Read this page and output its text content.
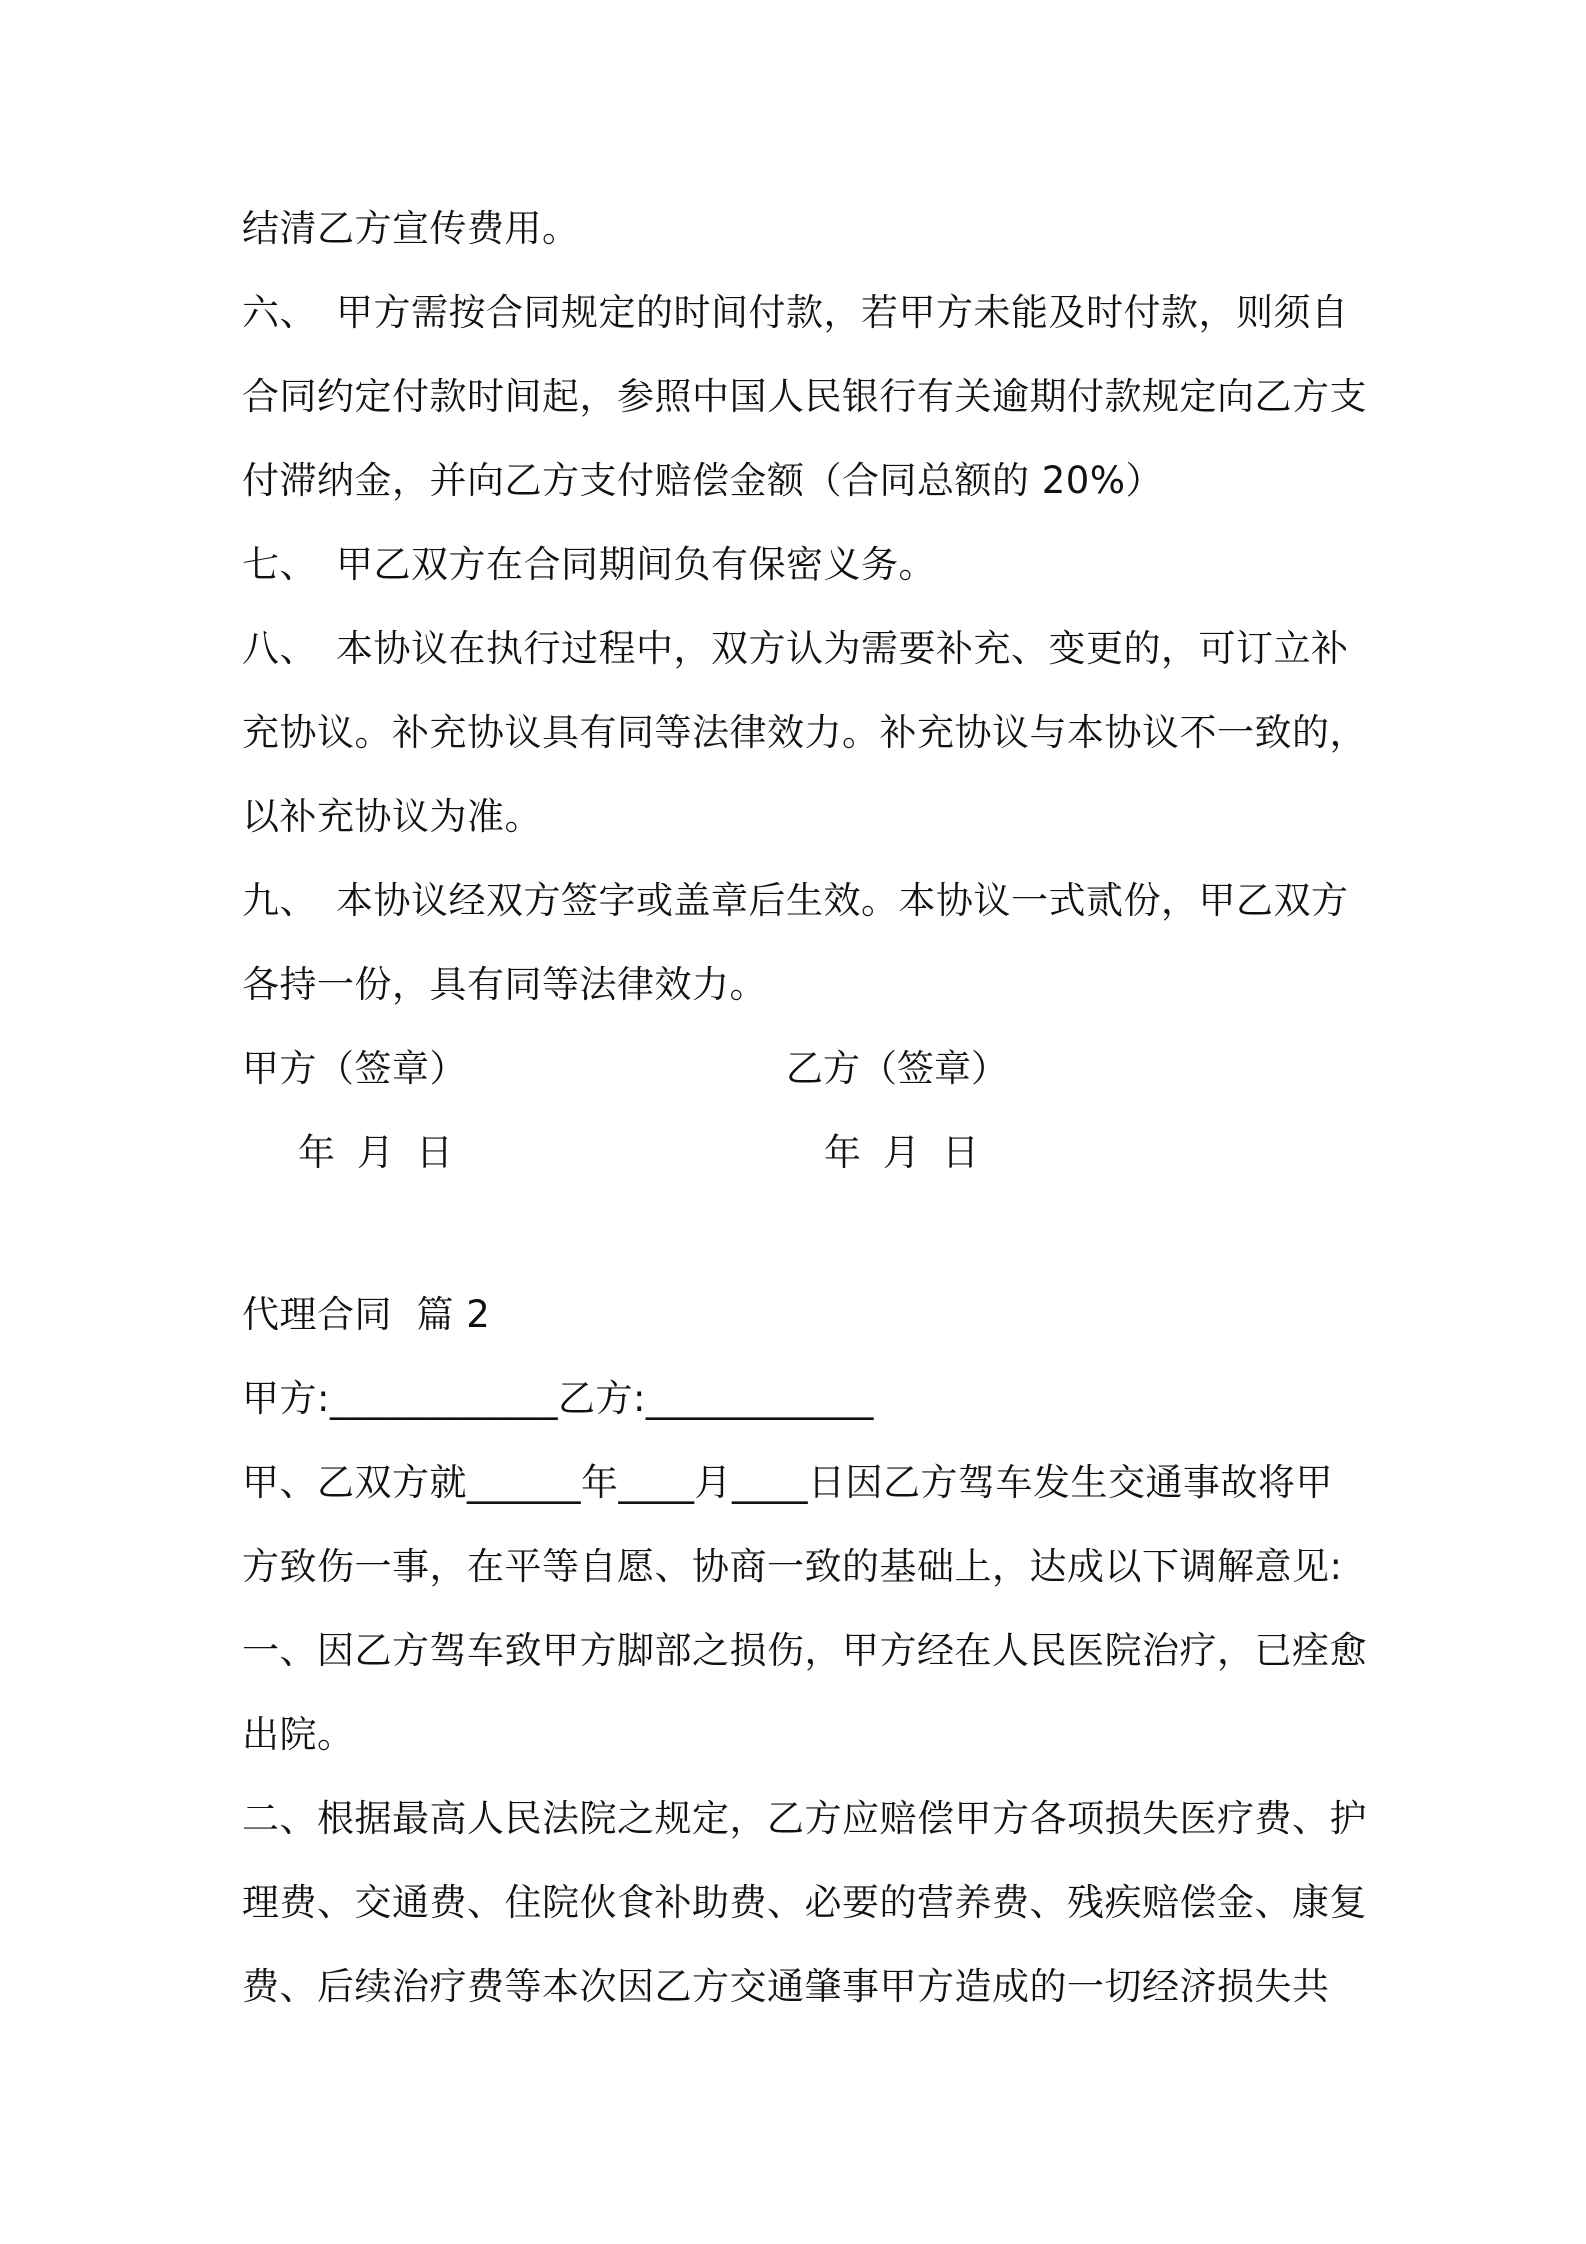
结清乙方宣传费用。
六、 甲方需按合同规定的时间付款，若甲方未能及时付款，则须自
合同约定付款时间起，参照中国人民银行有关逾期付款规定向乙方支
付滞纳金，并向乙方支付赔偿金额（合同总额的 20%）
七、 甲乙双方在合同期间负有保密义务。
八、 本协议在执行过程中，双方认为需要补充、变更的，可订立补
充协议。补充协议具有同等法律效力。补充协议与本协议不一致的，
以补充协议为准。
九、 本协议经双方签字或盖章后生效。本协议一式贰份，甲乙双方
各持一份，具有同等法律效力。
甲方（签章）	乙方（签章）
年 月 日	年 月 日
代理合同  篇 2
甲方:____________乙方:____________
甲、乙双方就______年____月____日因乙方驾车发生交通事故将甲
方致伤一事，在平等自愿、协商一致的基础上，达成以下调解意见:
一、因乙方驾车致甲方脚部之损伤，甲方经在人民医院治疗，已痊愈
出院。
二、根据最高人民法院之规定，乙方应赔偿甲方各项损失医疗费、护
理费、交通费、住院伙食补助费、必要的营养费、残疾赔偿金、康复
费、后续治疗费等本次因乙方交通肇事甲方造成的一切经济损失共
